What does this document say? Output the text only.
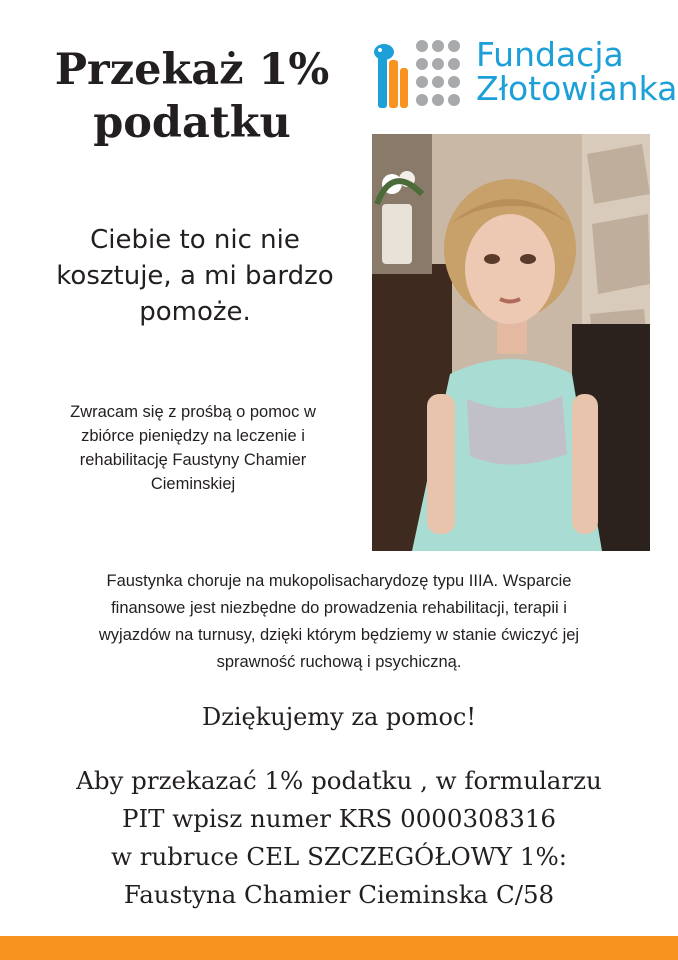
Przekaż 1%
podatku
Fundacja
Złotowianka

Ciebie to nic nie
kosztuje, a mi bardzo
pomoże.

Zwracam się z prośbą o pomoc w
zbiórce pieniędzy na leczenie i
rehabilitację Faustyny Chamier
Cieminskiej
Faustynka choruje na mukopolisacharydozę typu IIIA. Wsparcie
finansowe jest niezbędne do prowadzenia rehabilitacji, terapii i
wyjazdów na turnusy, dzięki którym będziemy w stanie ćwiczyć jej
sprawność ruchową i psychiczną.
Dziękujemy za pomoc!
Aby przekazać 1% podatku , w formularzu
PIT wpisz numer KRS 0000308316
w rubruce CEL SZCZEGÓŁOWY 1%:
Faustyna Chamier Cieminska C/58
